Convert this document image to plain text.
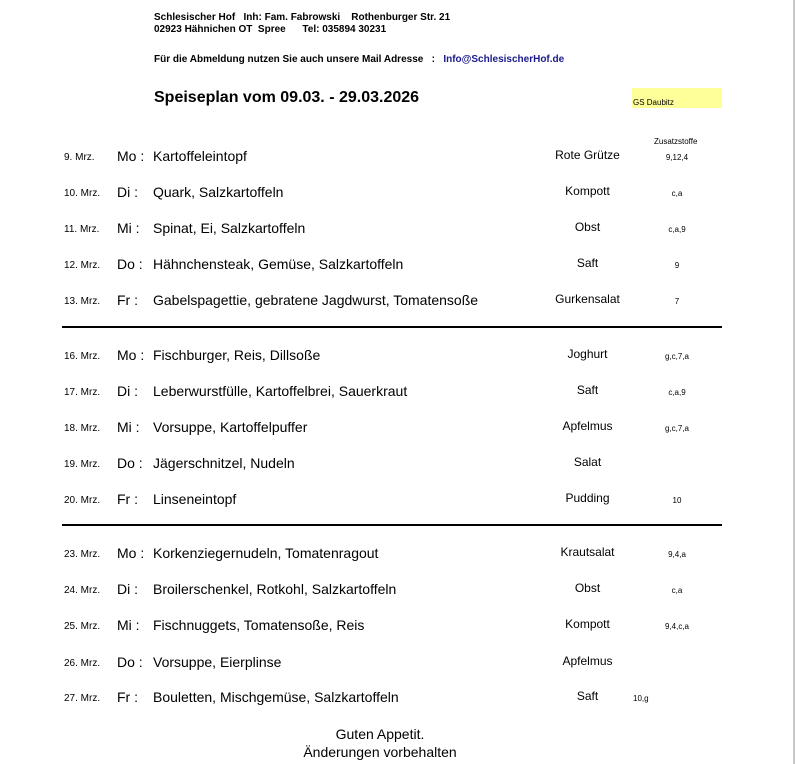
Schlesischer Hof   Inh: Fam. Fabrowski    Rothenburger Str. 21
02923 Hähnichen OT  Spree      Tel: 035894 30231
Für die Abmeldung nutzen Sie auch unsere Mail Adresse   :   Info@SchlesischerHof.de
Speiseplan vom 09.03. - 29.03.2026	GS Daubitz
Zusatzstoffe
9. Mrz. Mo : Kartoffeleintopf	Rote Grütze	9,12,4
10. Mrz. Di : Quark, Salzkartoffeln	Kompott	c,a
11. Mrz. Mi : Spinat, Ei, Salzkartoffeln	Obst	c,a,9
12. Mrz. Do : Hähnchensteak, Gemüse, Salzkartoffeln	Saft	9
13. Mrz. Fr : Gabelspagettie, gebratene Jagdwurst, Tomatensoße	Gurkensalat	7
16. Mrz. Mo : Fischburger, Reis, Dillsoße	Joghurt	g,c,7,a
17. Mrz. Di : Leberwurstfülle, Kartoffelbrei, Sauerkraut	Saft	c,a,9
18. Mrz. Mi : Vorsuppe, Kartoffelpuffer	Apfelmus	g,c,7,a
19. Mrz. Do : Jägerschnitzel, Nudeln	Salat
20. Mrz. Fr : Linseneintopf	Pudding	10
23. Mrz. Mo : Korkenziegernudeln, Tomatenragout	Krautsalat	9,4,a
24. Mrz. Di : Broilerschenkel, Rotkohl, Salzkartoffeln	Obst	c,a
25. Mrz. Mi : Fischnuggets, Tomatensoße, Reis	Kompott	9,4,c,a
26. Mrz. Do : Vorsuppe, Eierplinse	Apfelmus
27. Mrz. Fr : Bouletten, Mischgemüse, Salzkartoffeln	Saft	10,g
Guten Appetit.
Änderungen vorbehalten
